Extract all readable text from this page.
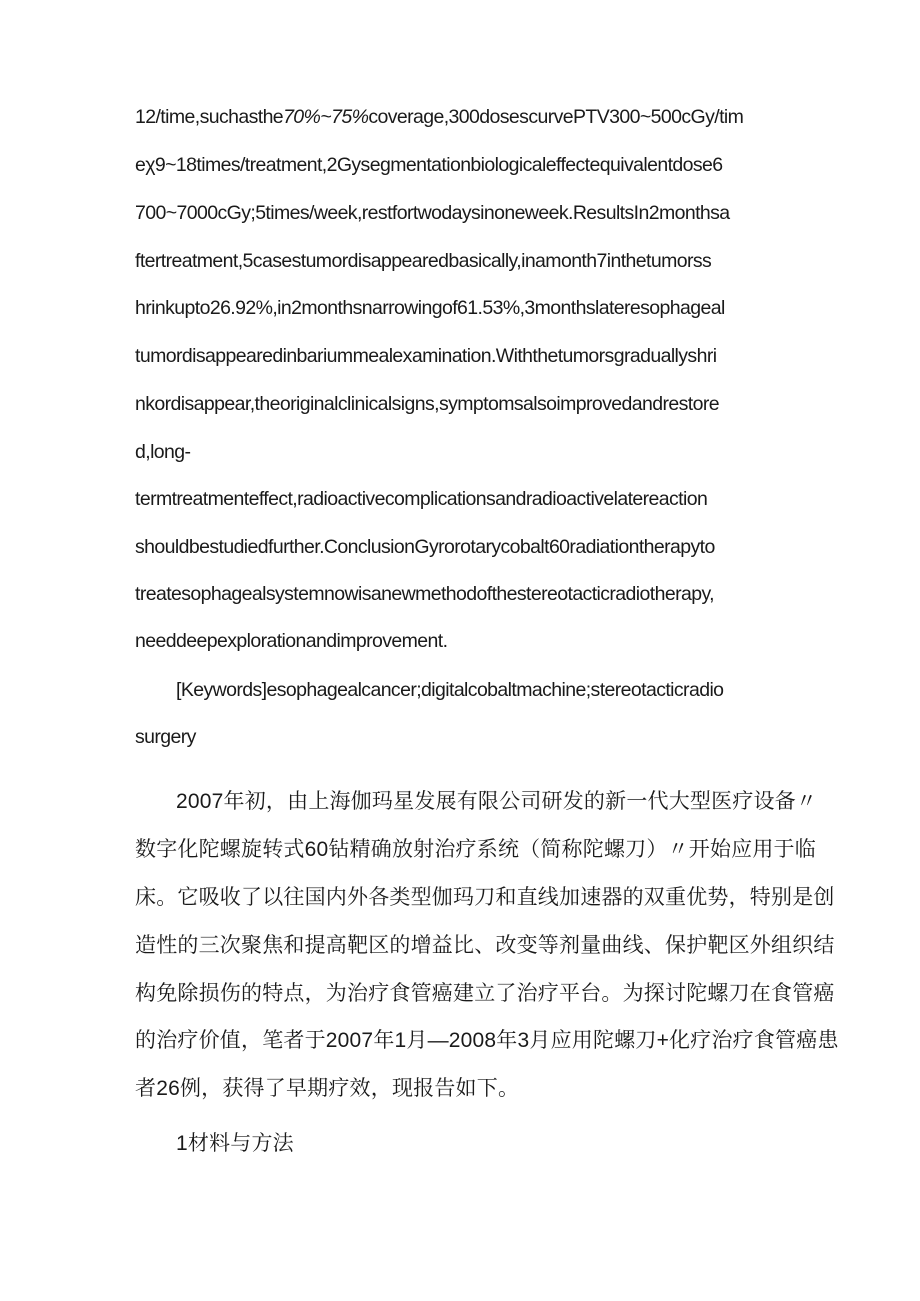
12/time,suchasthe70%~75%coverage,300dosescurvePTV300~500cGy/tim
eχ9~18times/treatment,2Gysegmentationbiologicaleffectequivalentdose6
700~7000cGy;5times/week,restfortwodaysinoneweek.ResultsIn2monthsa
ftertreatment,5casestumordisappearedbasically,inamonth7inthetumorss
hrinkupto26.92%,in2monthsnarrowingof61.53%,3monthslateresophageal
tumordisappearedinbariummealexamination.Withthetumorsgraduallyshri
nkordisappear,theoriginalclinicalsigns,symptomsalsoimprovedandrestore
d,long-
termtreatmenteffect,radioactivecomplicationsandradioactivelatereaction
shouldbestudiedfurther.ConclusionGyrorotarycobalt60radiationtherapyto
treatesophagealsystemnowisanewmethodofthestereotacticradiotherapy,
needdeepexplorationandimprovement.
[Keywords]esophagealcancer;digitalcobaltmachine;stereotacticradio
surgery
2007年初，由上海伽玛星发展有限公司研发的新一代大型医疗设备〃
数字化陀螺旋转式60钻精确放射治疗系统（简称陀螺刀）〃开始应用于临
床。它吸收了以往国内外各类型伽玛刀和直线加速器的双重优势，特别是创
造性的三次聚焦和提高靶区的增益比、改变等剂量曲线、保护靶区外组织结
构免除损伤的特点，为治疗食管癌建立了治疗平台。为探讨陀螺刀在食管癌
的治疗价值，笔者于2007年1月—2008年3月应用陀螺刀+化疗治疗食管癌患
者26例，获得了早期疗效，现报告如下。
1材料与方法
